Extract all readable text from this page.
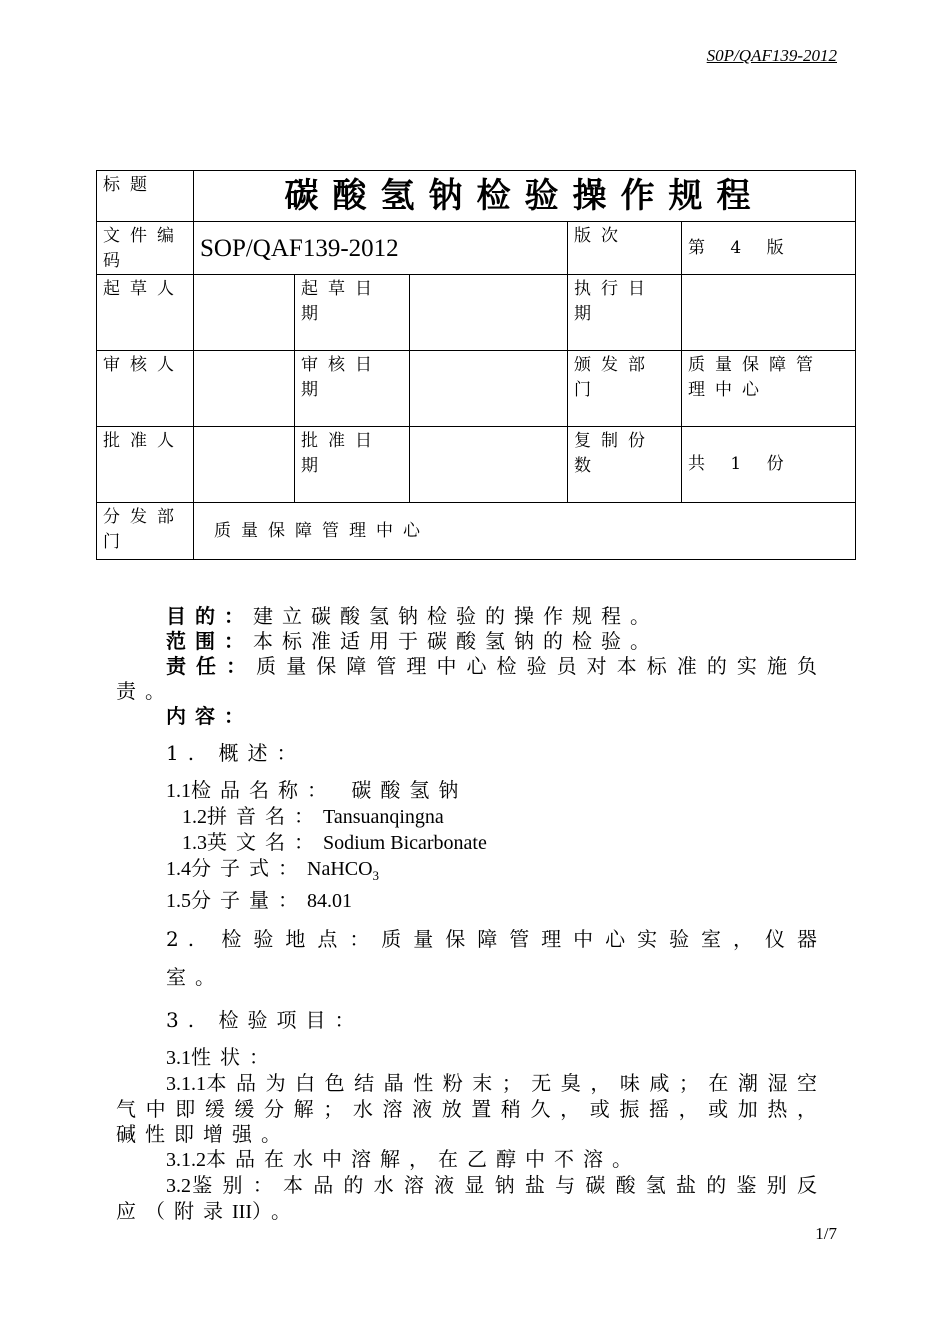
S0P/QAF139-2012
标题	碳酸氢钠检验操作规程				
文件编码	SOP/QAF139-2012			版次	第 4 版
起草人		起草日期		执行日期	
审核人		审核日期		颁发部门	质量保障管理中心
批准人		批准日期		复制份数	共 1 份
分发部门	质量保障管理中心				

目的：建立碳酸氢钠检验的操作规程。

范围：本标准适用于碳酸氢钠的检验。

责任：质量保障管理中心检验员对本标准的实施负责。

内容：

1. 概述：

1.1检品名称： 碳酸氢钠

1.2拼音名：Tansuanqingna

1.3英文名：Sodium Bicarbonate

1.4分子式：NaHCO$_3$

1.5分子量：84.01

2. 检验地点：质量保障管理中心实验室，仪器室。

3. 检验项目：

3.1性状：

3.1.1本品为白色结晶性粉末；无臭，味咸；在潮湿空气中即缓缓分解；水溶液放置稍久，或振摇，或加热，碱性即增强。

3.1.2本品在水中溶解，在乙醇中不溶。

3.2鉴别：本品的水溶液显钠盐与碳酸氢盐的鉴别反应（附录III）。

1/7
